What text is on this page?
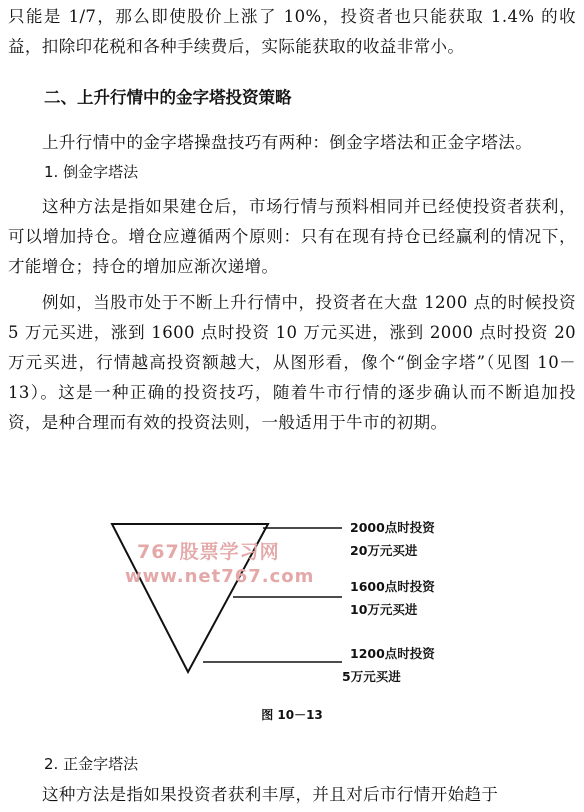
只能是 1/7，那么即使股价上涨了 10%，投资者也只能获取 1.4% 的收益，扣除印花税和各种手续费后，实际能获取的收益非常小。

二、上升行情中的金字塔投资策略

上升行情中的金字塔操盘技巧有两种：倒金字塔法和正金字塔法。

1. 倒金字塔法

这种方法是指如果建仓后，市场行情与预料相同并已经使投资者获利，可以增加持仓。增仓应遵循两个原则：只有在现有持仓已经赢利的情况下，才能增仓；持仓的增加应渐次递增。

例如，当股市处于不断上升行情中，投资者在大盘 1200 点的时候投资 5 万元买进，涨到 1600 点时投资 10 万元买进，涨到 2000 点时投资 20 万元买进，行情越高投资额越大，从图形看，像个“倒金字塔”（见图 10－13）。这是一种正确的投资技巧，随着牛市行情的逐步确认而不断追加投资，是种合理而有效的投资法则，一般适用于牛市的初期。

2000点时投资
20万元买进
1600点时投资
10万元买进
1200点时投资
5万元买进
767股票学习网
www.net767.com
图 10－13

2. 正金字塔法

这种方法是指如果投资者获利丰厚，并且对后市行情开始趋于
